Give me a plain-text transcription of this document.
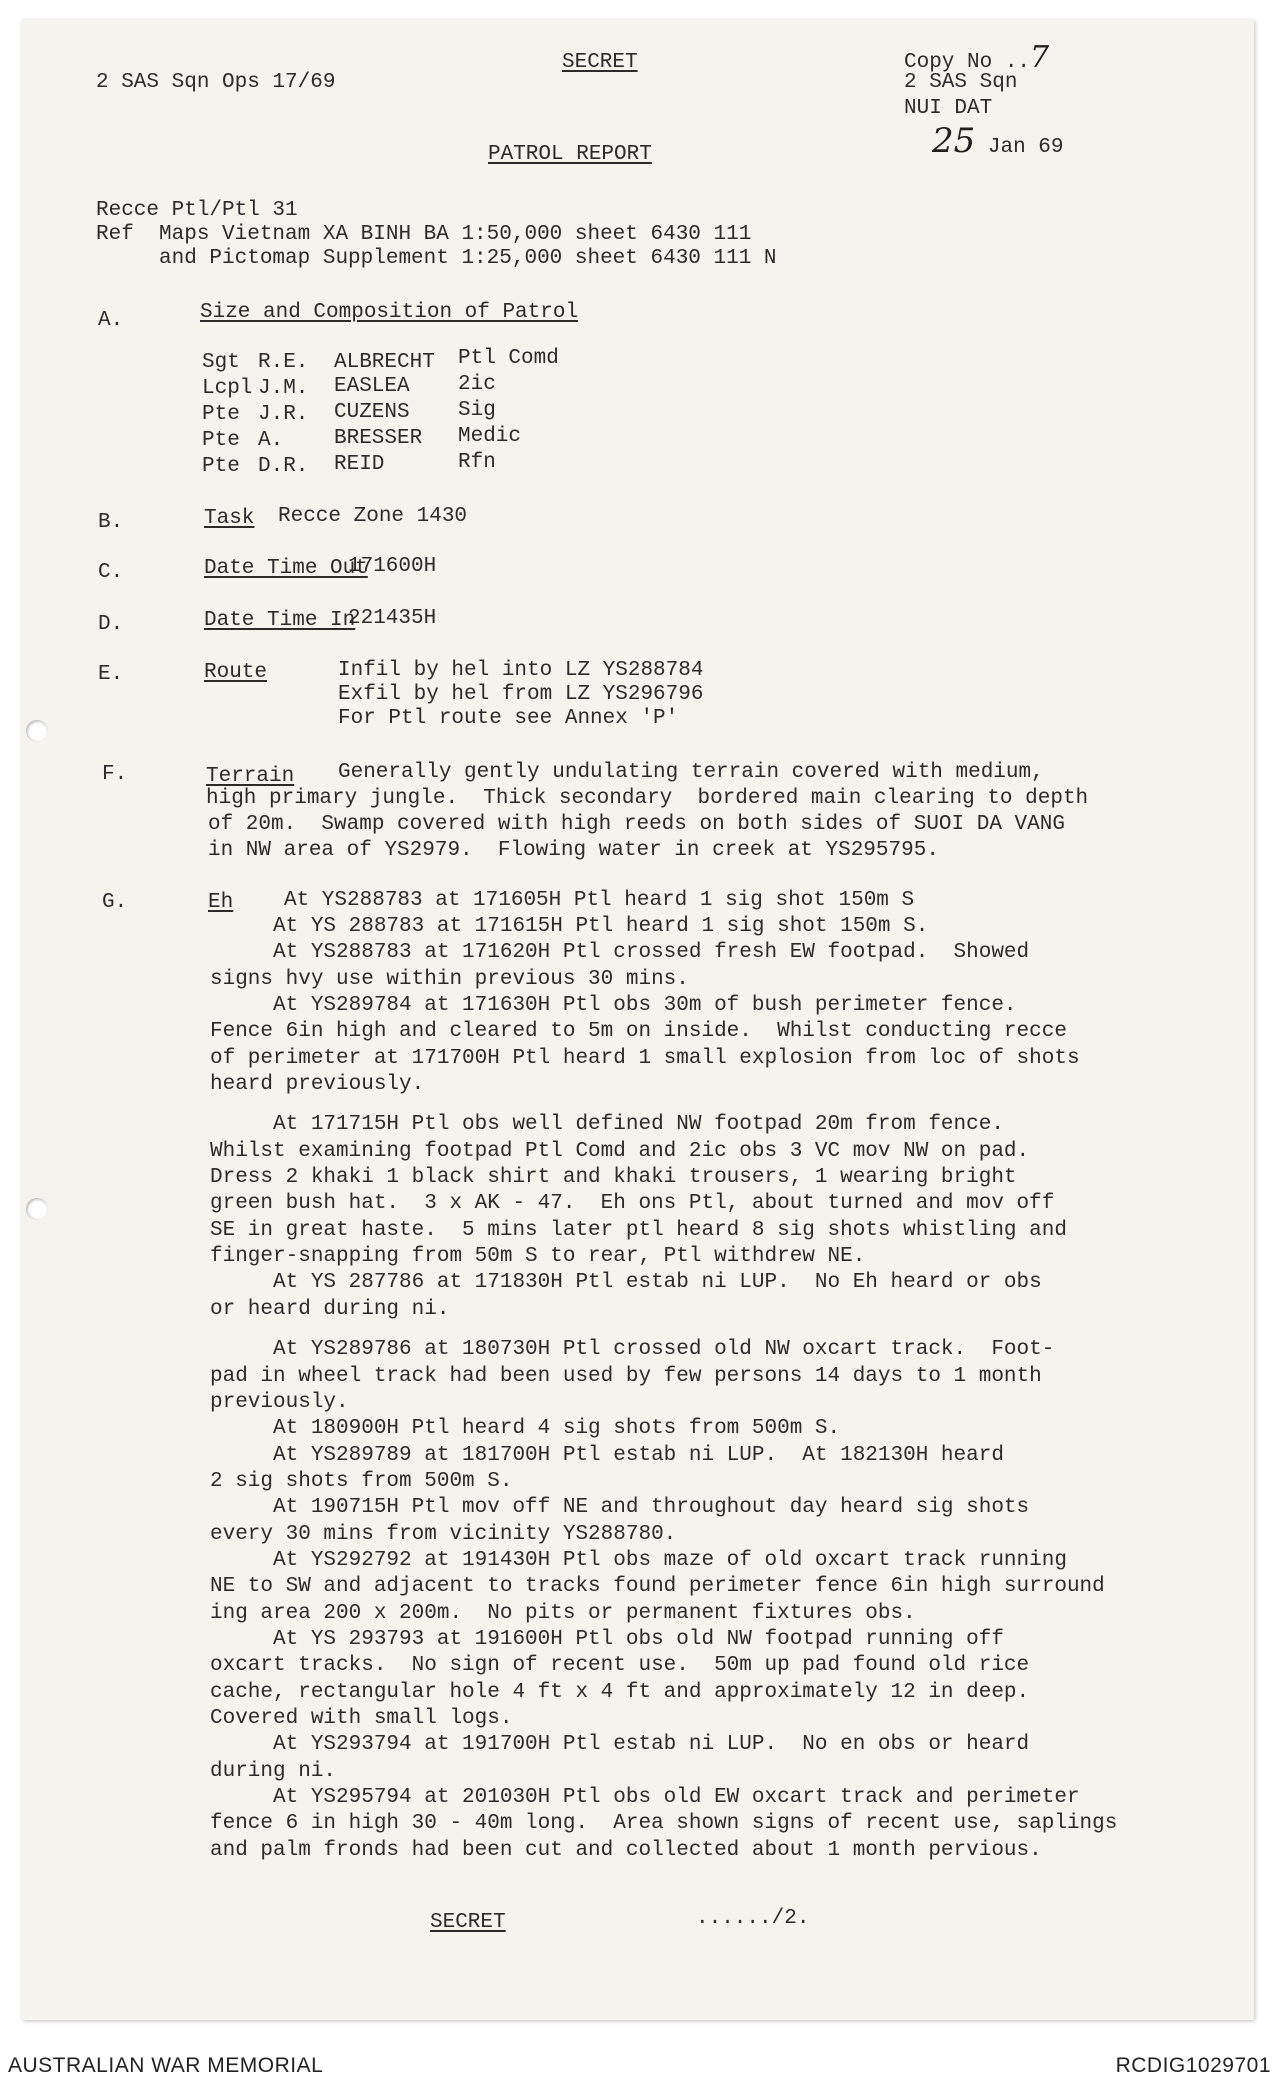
2 SAS Sqn Ops 17/69

SECRET	Copy No ..7

2 SAS Sqn

NUI DAT

25 Jan 69

PATROL REPORT

Recce Ptl/Ptl 31

Ref  Maps Vietnam XA BINH BA 1:50,000 sheet 6430 111

and Pictomap Supplement 1:25,000 sheet 6430 111 N

A.	Size and Composition of Patrol

Sgt R.E. ALBRECHT Ptl Comd

Lcpl J.M. EASLEA 2ic

Pte J.R. CUZENS Sig

Pte A. BRESSER Medic

Pte D.R. REID	Rfn

B.	Task Recce Zone 1430

C.	Date Time Out

171600H

D.	Date Time In

221435H

E.	Route	Infil by hel into LZ YS288784

Exfil by hel from LZ YS296796

For Ptl route see Annex 'P'

F.	Terrain Generally gently undulating terrain covered with medium,

high primary jungle.  Thick secondary  bordered main clearing to depth

of 20m.  Swamp covered with high reeds on both sides of SUOI DA VANG

in NW area of YS2979.  Flowing water in creek at YS295795.

G.	Eh At YS288783 at 171605H Ptl heard 1 sig shot 150m S

At YS 288783 at 171615H Ptl heard 1 sig shot 150m S.
At YS288783 at 171620H Ptl crossed fresh EW footpad.  Showed
signs hvy use within previous 30 mins.
At YS289784 at 171630H Ptl obs 30m of bush perimeter fence.
Fence 6in high and cleared to 5m on inside.  Whilst conducting recce
of perimeter at 171700H Ptl heard 1 small explosion from loc of shots
heard previously.
At 171715H Ptl obs well defined NW footpad 20m from fence.
Whilst examining footpad Ptl Comd and 2ic obs 3 VC mov NW on pad.
Dress 2 khaki 1 black shirt and khaki trousers, 1 wearing bright
green bush hat.  3 x AK - 47.  Eh ons Ptl, about turned and mov off
SE in great haste.  5 mins later ptl heard 8 sig shots whistling and
finger-snapping from 50m S to rear, Ptl withdrew NE.
At YS 287786 at 171830H Ptl estab ni LUP.  No Eh heard or obs
or heard during ni.
At YS289786 at 180730H Ptl crossed old NW oxcart track.  Foot-
pad in wheel track had been used by few persons 14 days to 1 month
previously.
At 180900H Ptl heard 4 sig shots from 500m S.
At YS289789 at 181700H Ptl estab ni LUP.  At 182130H heard
2 sig shots from 500m S.
At 190715H Ptl mov off NE and throughout day heard sig shots
every 30 mins from vicinity YS288780.
At YS292792 at 191430H Ptl obs maze of old oxcart track running
NE to SW and adjacent to tracks found perimeter fence 6in high surround
ing area 200 x 200m.  No pits or permanent fixtures obs.
At YS 293793 at 191600H Ptl obs old NW footpad running off
oxcart tracks.  No sign of recent use.  50m up pad found old rice
cache, rectangular hole 4 ft x 4 ft and approximately 12 in deep.
Covered with small logs.
At YS293794 at 191700H Ptl estab ni LUP.  No en obs or heard
during ni.
At YS295794 at 201030H Ptl obs old EW oxcart track and perimeter
fence 6 in high 30 - 40m long.  Area shown signs of recent use, saplings
and palm fronds had been cut and collected about 1 month pervious.

SECRET	....../2.

AUSTRALIAN WAR MEMORIAL	RCDIG1029701
